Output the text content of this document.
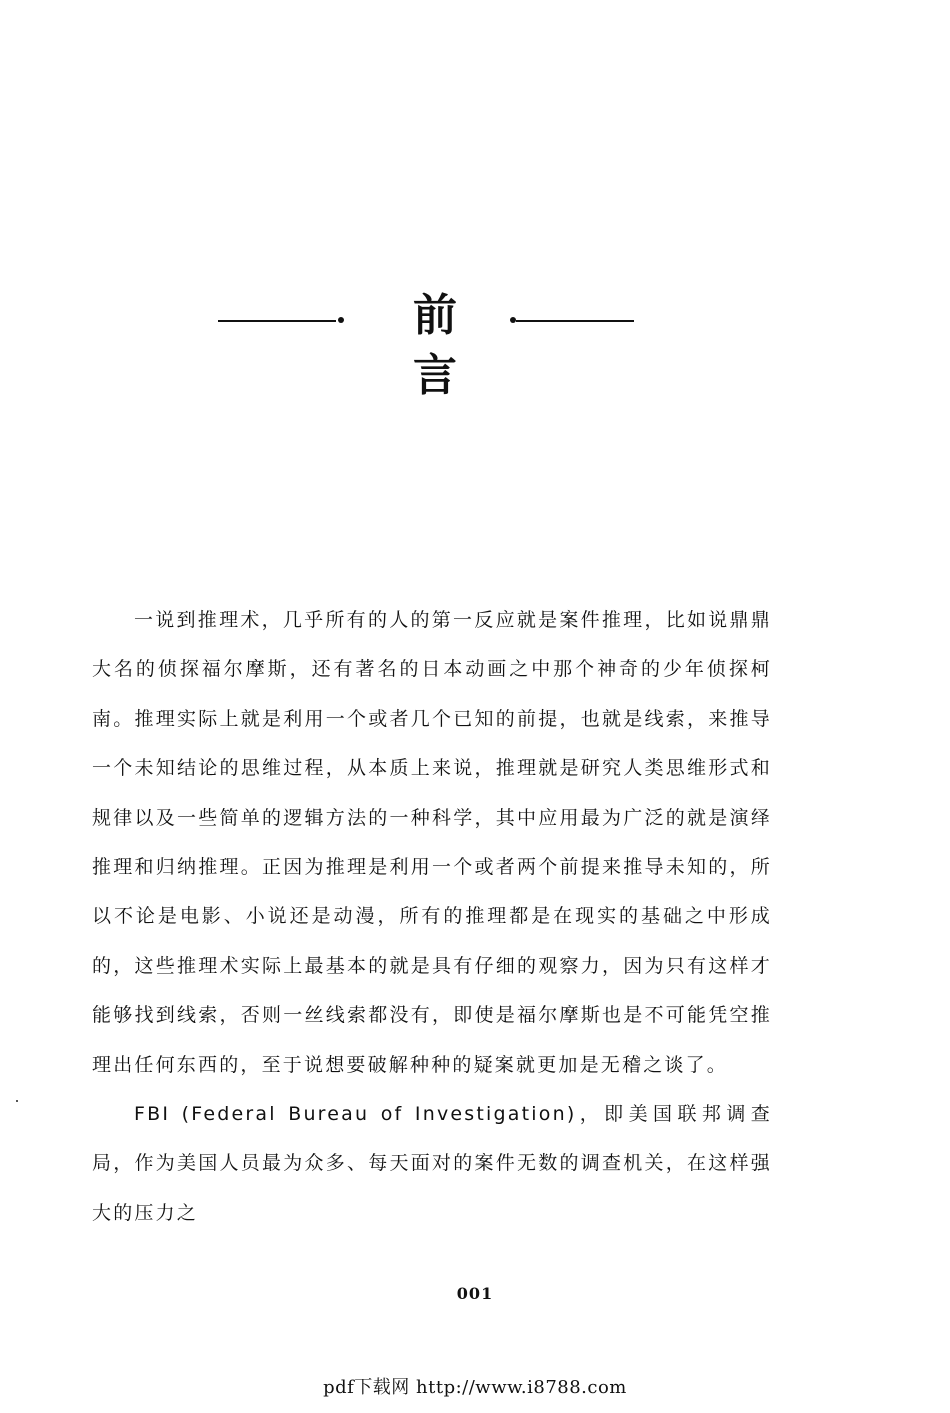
前 言

一说到推理术，几乎所有的人的第一反应就是案件推理，比如说鼎鼎大名的侦探福尔摩斯，还有著名的日本动画之中那个神奇的少年侦探柯南。推理实际上就是利用一个或者几个已知的前提，也就是线索，来推导一个未知结论的思维过程，从本质上来说，推理就是研究人类思维形式和规律以及一些简单的逻辑方法的一种科学，其中应用最为广泛的就是演绎推理和归纳推理。正因为推理是利用一个或者两个前提来推导未知的，所以不论是电影、小说还是动漫，所有的推理都是在现实的基础之中形成的，这些推理术实际上最基本的就是具有仔细的观察力，因为只有这样才能够找到线索，否则一丝线索都没有，即使是福尔摩斯也是不可能凭空推理出任何东西的，至于说想要破解种种的疑案就更加是无稽之谈了。

FBI (Federal Bureau of Investigation)，即美国联邦调查局，作为美国人员最为众多、每天面对的案件无数的调查机关，在这样强大的压力之

001
pdf下载网 http://www.i8788.com
